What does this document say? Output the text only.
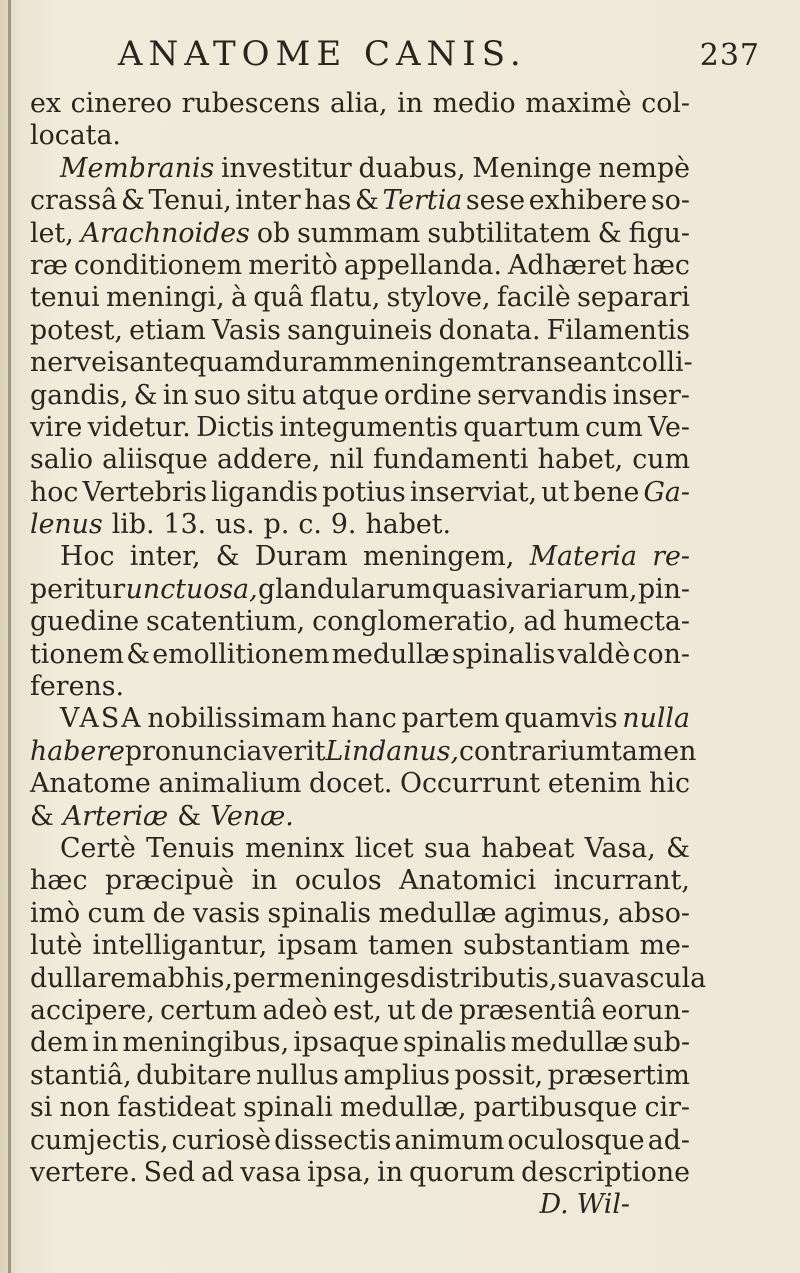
ANATOME CANIS.	237
ex cinereo rubescens alia, in medio maximè col-
locata.
Membranis investitur duabus, Meninge nempè
crassâ & Tenui, inter has & Tertia sese exhibere so-
let, Arachnoides ob summam subtilitatem & figu-
ræ conditionem meritò appellanda. Adhæret hæc
tenui meningi, à quâ flatu, stylove, facilè separari
potest, etiam Vasis sanguineis donata. Filamentis
nerveis antequam duram meningem transeant colli-
gandis, & in suo situ atque ordine servandis inser-
vire videtur. Dictis integumentis quartum cum Ve-
salio aliisque addere, nil fundamenti habet, cum
hoc Vertebris ligandis potius inserviat, ut bene Ga-
lenus lib. 13. us. p. c. 9. habet.
Hoc inter, & Duram meningem, Materia re-
peritur unctuosa, glandularum quasi variarum, pin-
guedine scatentium, conglomeratio, ad humecta-
tionem & emollitionem medullæ spinalis valdè con-
ferens.
VASA nobilissimam hanc partem quamvis nulla
habere pronunciaverit Lindanus, contrarium tamen
Anatome animalium docet. Occurrunt etenim hic
& Arteriæ & Venæ.
Certè Tenuis meninx licet sua habeat Vasa, &
hæc præcipuè in oculos Anatomici incurrant,
imò cum de vasis spinalis medullæ agimus, abso-
lutè intelligantur, ipsam tamen substantiam me-
dullarem ab his, per meninges distributis, sua vascula
accipere, certum adeò est, ut de præsentiâ eorun-
dem in meningibus, ipsaque spinalis medullæ sub-
stantiâ, dubitare nullus amplius possit, præsertim
si non fastideat spinali medullæ, partibusque cir-
cumjectis, curiosè dissectis animum oculosque ad-
vertere. Sed ad vasa ipsa, in quorum descriptione
D. Wil-
